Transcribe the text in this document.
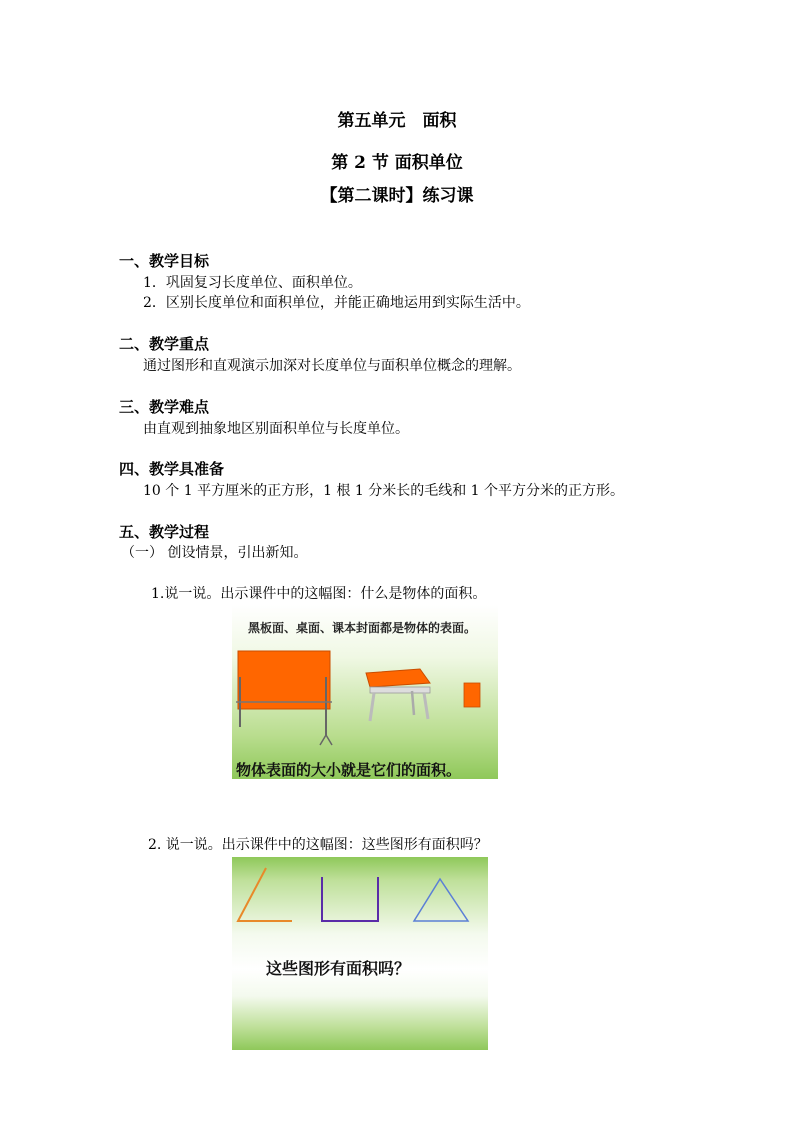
第五单元　面积
第 2 节 面积单位
【第二课时】练习课
一、教学目标
1．巩固复习长度单位、面积单位。
2．区别长度单位和面积单位，并能正确地运用到实际生活中。
二、教学重点
通过图形和直观演示加深对长度单位与面积单位概念的理解。
三、教学难点
由直观到抽象地区别面积单位与长度单位。
四、教学具准备
10 个 1 平方厘米的正方形，1 根 1 分米长的毛线和 1 个平方分米的正方形。
五、教学过程
（一） 创设情景，引出新知。
1.说一说。出示课件中的这幅图：什么是物体的面积。
黑板面、桌面、课本封面都是物体的表面。
物体表面的大小就是它们的面积。
2. 说一说。出示课件中的这幅图：这些图形有面积吗？
这些图形有面积吗？
